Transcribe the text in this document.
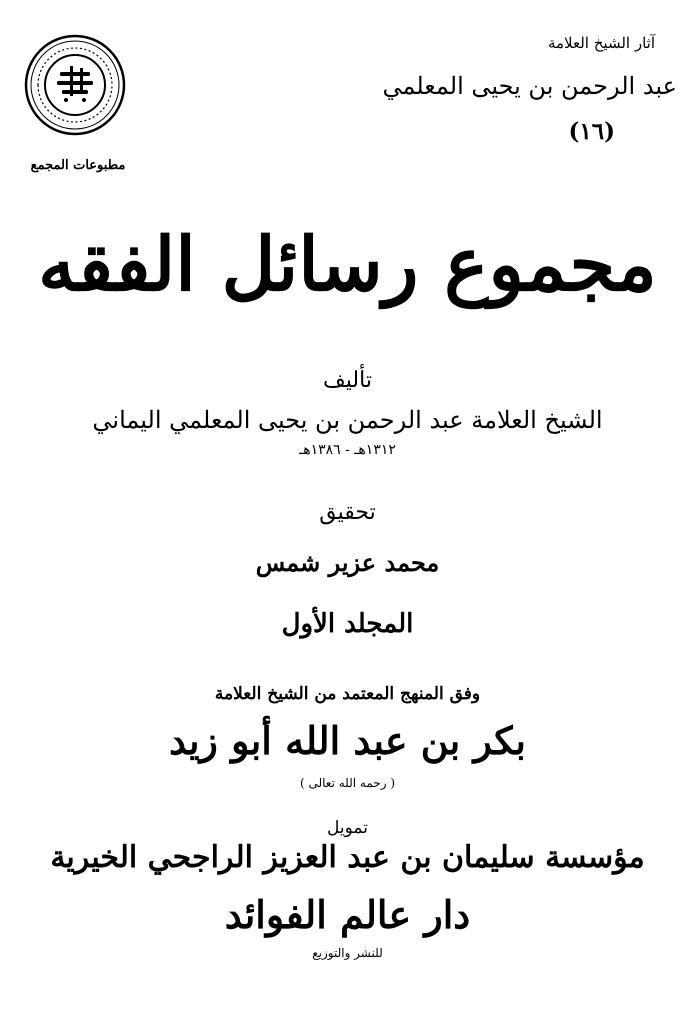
آثار الشيخ العلامة
عبد الرحمن بن يحيى المعلمي
(١٦)
مطبوعات المجمع
مجموع رسائل الفقه
تأليف
الشيخ العلامة عبد الرحمن بن يحيى المعلمي اليماني
١٣١٢هـ - ١٣٨٦هـ
تحقيق
محمد عزير شمس
المجلد الأول
وفق المنهج المعتمد من الشيخ العلامة
بكر بن عبد الله أبو زيد
( رحمه الله تعالى )
تمويل
مؤسسة سليمان بن عبد العزيز الراجحي الخيرية
دار عالم الفوائد
للنشر والتوزيع
